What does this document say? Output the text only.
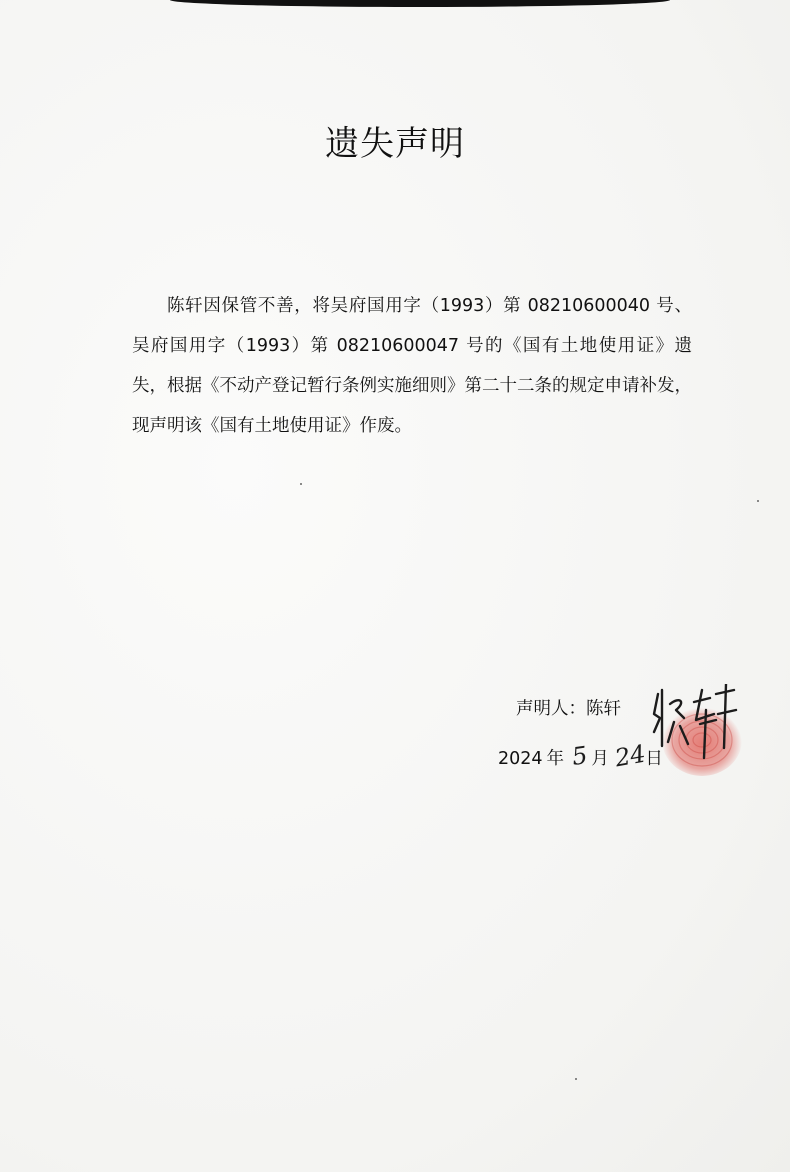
遗失声明

陈轩因保管不善，将吴府国用字（1993）第 08210600040 号、吴府国用字（1993）第 08210600047 号的《国有土地使用证》遗失，根据《不动产登记暂行条例实施细则》第二十二条的规定申请补发，现声明该《国有土地使用证》作废。

声明人：陈轩
2024 年 5 月 24
日
